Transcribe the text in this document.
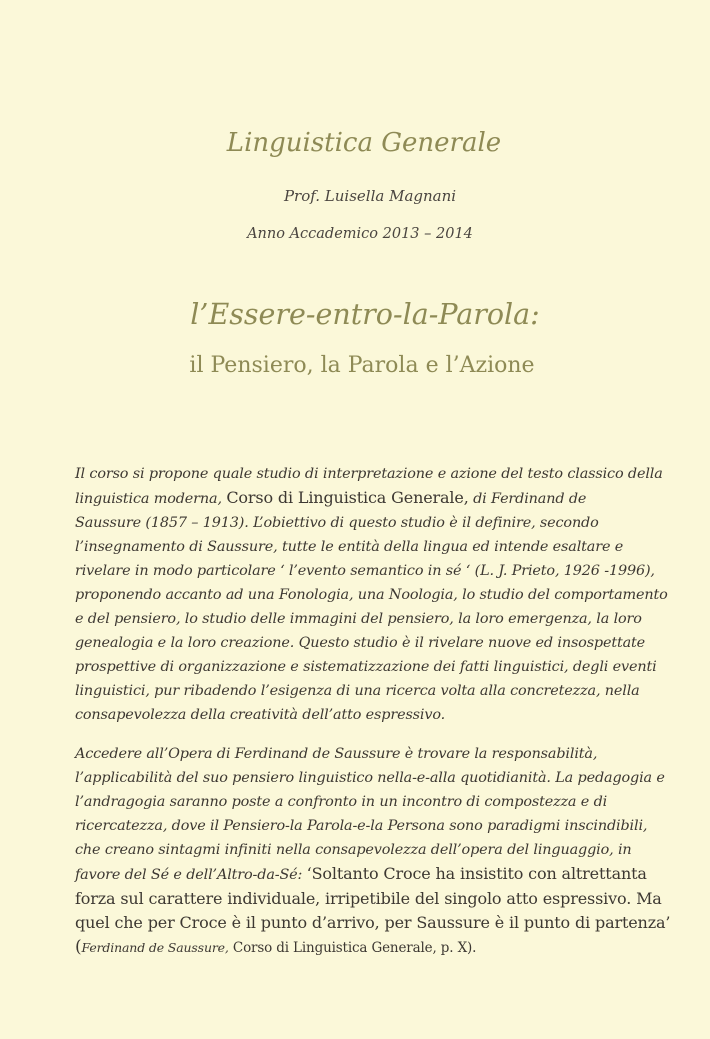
Linguistica Generale

Prof. Luisella Magnani

Anno Accademico 2013 – 2014

l’Essere-entro-la-Parola:
il Pensiero, la Parola e l’Azione
Il corso si propone quale studio di interpretazione e azione del testo classico della
linguistica moderna, Corso di Linguistica Generale, di Ferdinand de
Saussure (1857 – 1913). L’obiettivo di questo studio è il definire, secondo
l’insegnamento di Saussure, tutte le entità della lingua ed intende esaltare e
rivelare in modo particolare ‘ l’evento semantico in sé ‘ (L. J. Prieto, 1926 -1996),
proponendo accanto ad una Fonologia, una Noologia, lo studio del comportamento
e del pensiero, lo studio delle immagini del pensiero, la loro emergenza, la loro
genealogia e la loro creazione. Questo studio è il rivelare nuove ed insospettate
prospettive di organizzazione e sistematizzazione dei fatti linguistici, degli eventi
linguistici, pur ribadendo l’esigenza di una ricerca volta alla concretezza, nella
consapevolezza della creatività dell’atto espressivo.
Accedere all’Opera di Ferdinand de Saussure è trovare la responsabilità,
l’applicabilità del suo pensiero linguistico nella-e-alla quotidianità. La pedagogia e
l’andragogia saranno poste a confronto in un incontro di compostezza e di
ricercatezza, dove il Pensiero-la Parola-e-la Persona sono paradigmi inscindibili,
che creano sintagmi infiniti nella consapevolezza dell’opera del linguaggio, in
favore del Sé e dell’Altro-da-Sé: ‘Soltanto Croce ha insistito con altrettanta
forza sul carattere individuale, irripetibile del singolo atto espressivo. Ma
quel che per Croce è il punto d’arrivo, per Saussure è il punto di partenza’
(Ferdinand de Saussure, Corso di Linguistica Generale, p. X).
